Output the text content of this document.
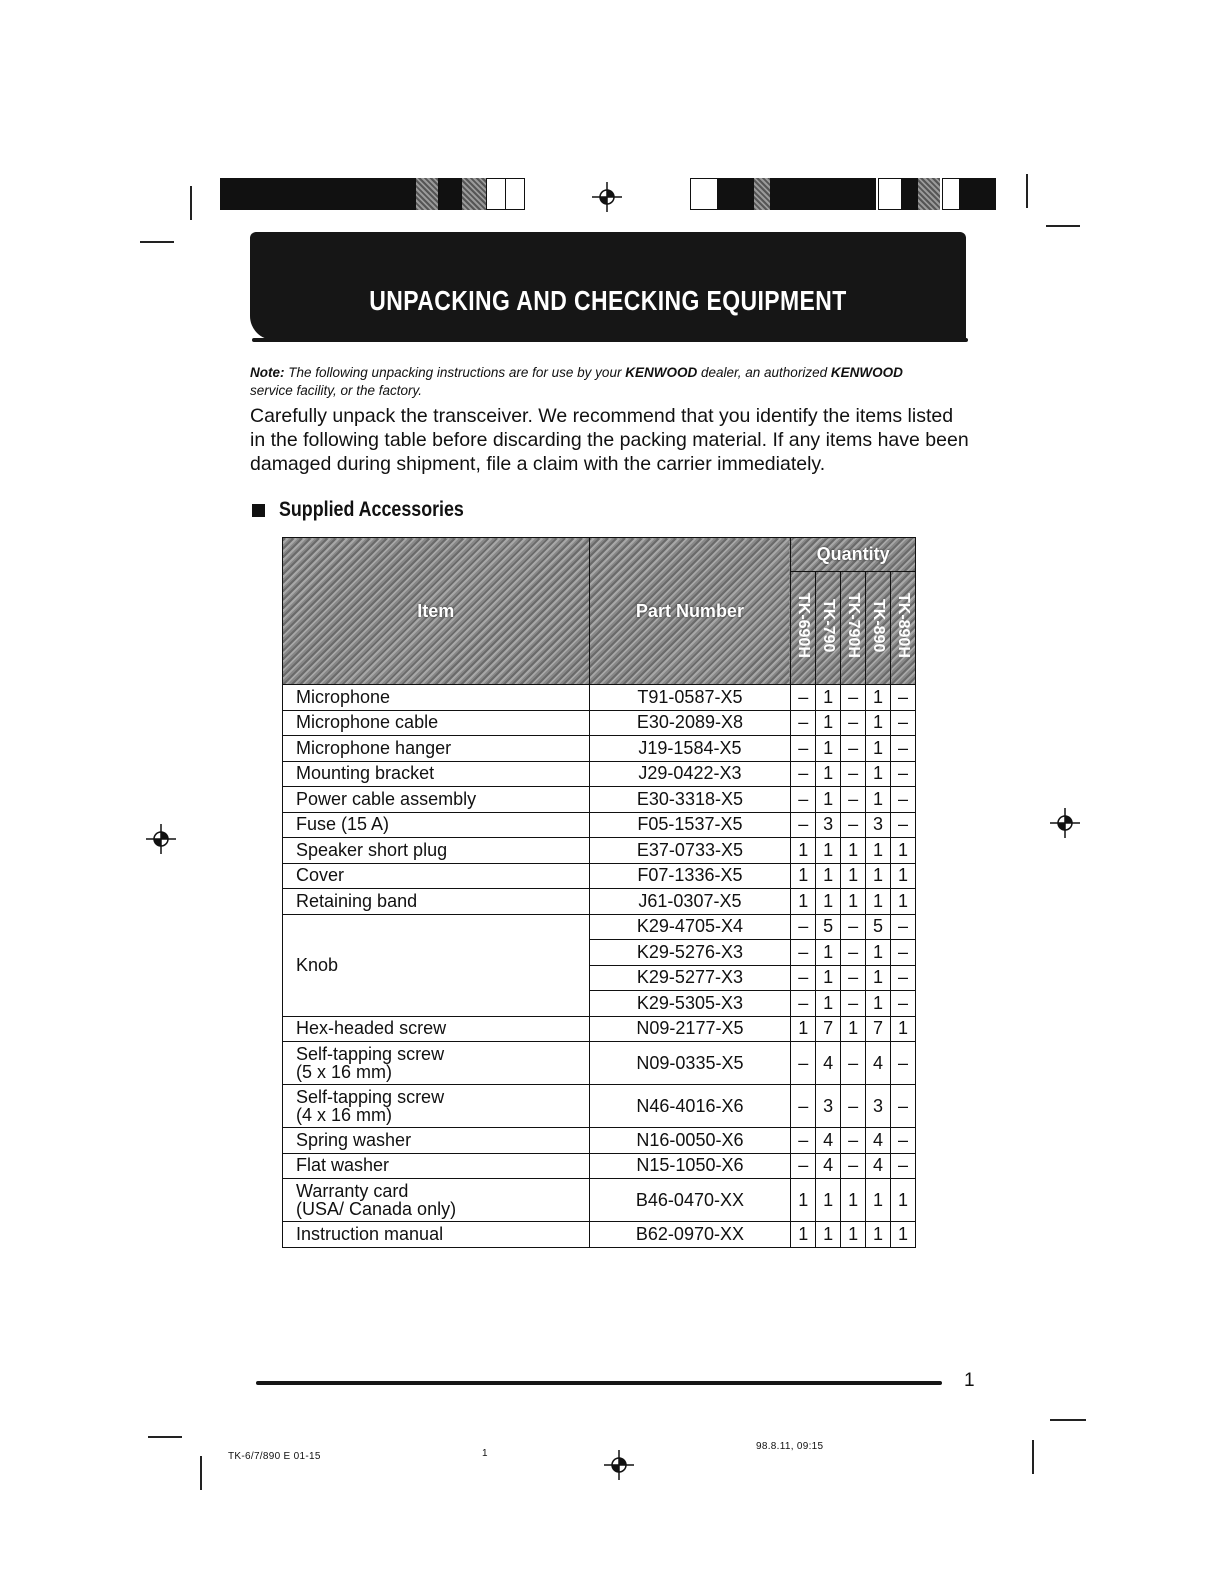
UNPACKING AND CHECKING EQUIPMENT
Note: The following unpacking instructions are for use by your KENWOOD dealer, an authorized KENWOOD service facility, or the factory.
Carefully unpack the transceiver. We recommend that you identify the items listed in the following table before discarding the packing material. If any items have been damaged during shipment, file a claim with the carrier immediately.
Supplied Accessories
Item	Part Number	Quantity				
		TK-690H	TK-790	TK-790H	TK-890	TK-890H
Microphone	T91-0587-X5	–	1	–	1	–
Microphone cable	E30-2089-X8	–	1	–	1	–
Microphone hanger	J19-1584-X5	–	1	–	1	–
Mounting bracket	J29-0422-X3	–	1	–	1	–
Power cable assembly	E30-3318-X5	–	1	–	1	–
Fuse (15 A)	F05-1537-X5	–	3	–	3	–
Speaker short plug	E37-0733-X5	1	1	1	1	1
Cover	F07-1336-X5	1	1	1	1	1
Retaining band	J61-0307-X5	1	1	1	1	1
Knob	K29-4705-X4	–	5	–	5	–
	K29-5276-X3	–	1	–	1	–
	K29-5277-X3	–	1	–	1	–
	K29-5305-X3	–	1	–	1	–
Hex-headed screw	N09-2177-X5	1	7	1	7	1
Self-tapping screw
(5 x 16 mm)	N09-0335-X5	–	4	–	4	–
Self-tapping screw
(4 x 16 mm)	N46-4016-X6	–	3	–	3	–
Spring washer	N16-0050-X6	–	4	–	4	–
Flat washer	N15-1050-X6	–	4	–	4	–
Warranty card
(USA/ Canada only)	B46-0470-XX	1	1	1	1	1
Instruction manual	B62-0970-XX	1	1	1	1	1
1
TK-6/7/890 E 01-15	1
98.8.11, 09:15
